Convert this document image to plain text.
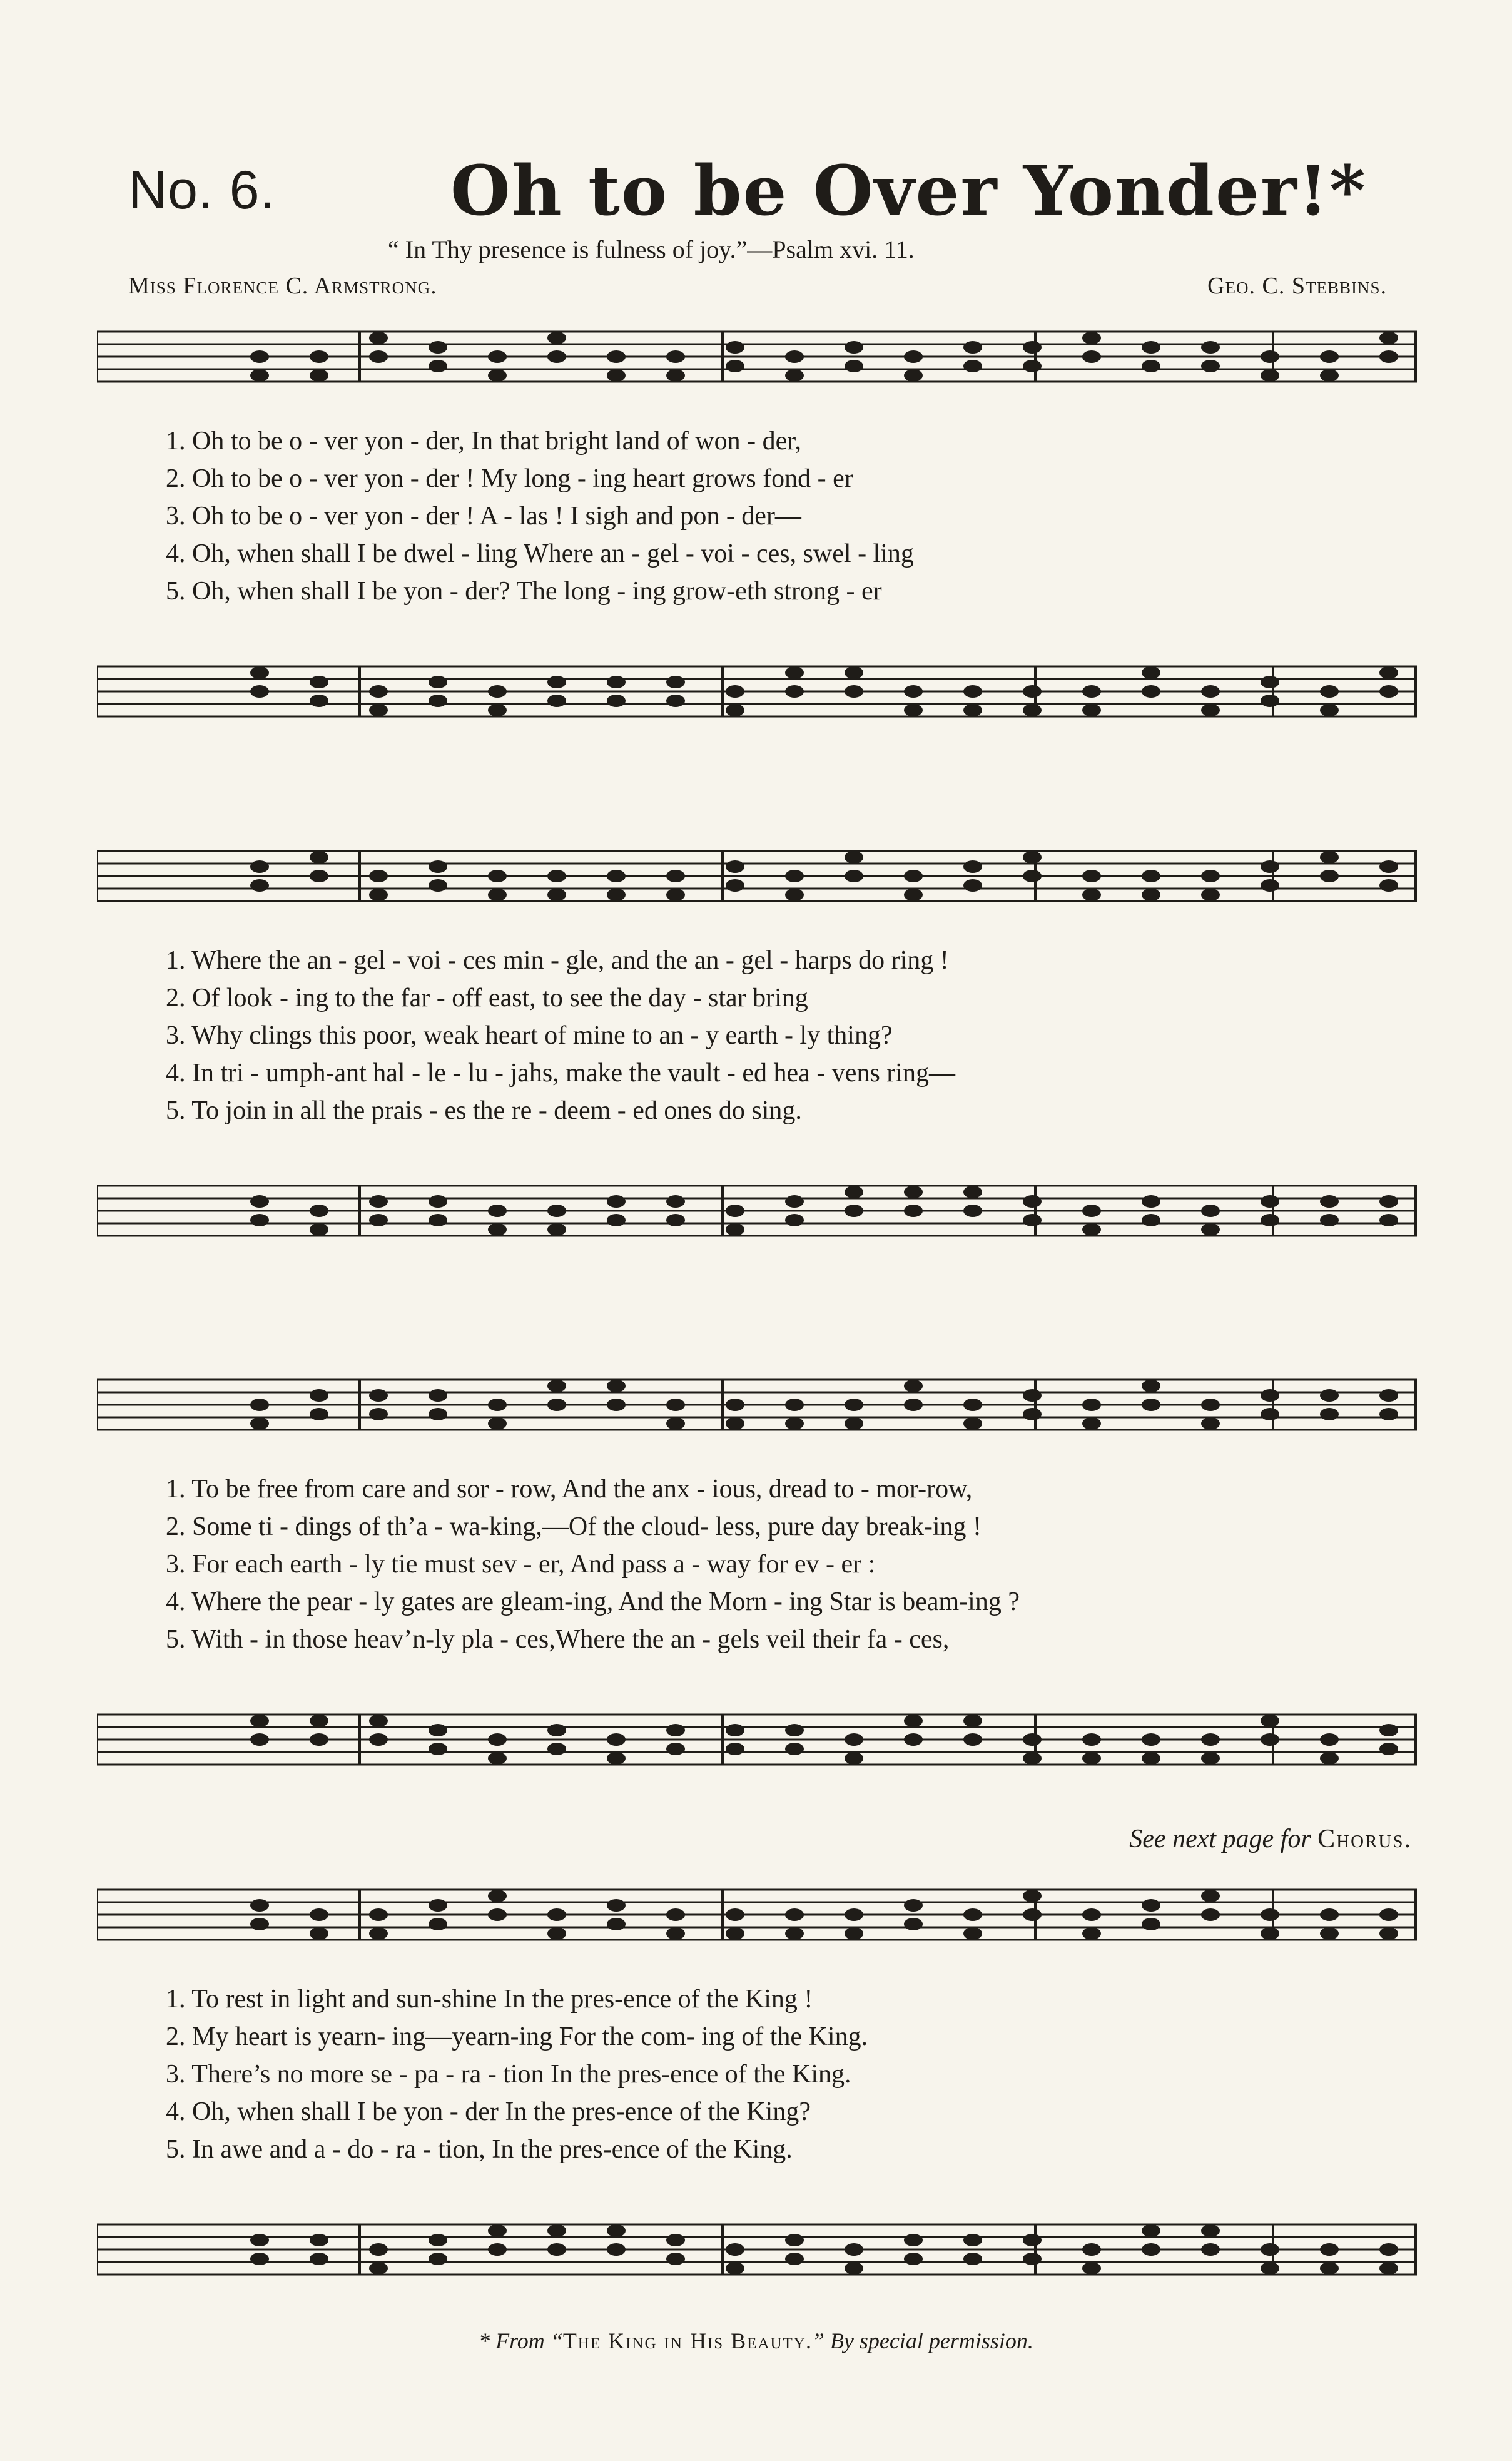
No. 6.	Oh to be Over Yonder!*
“ In Thy presence is fulness of joy.”—Psalm xvi. 11.
Miss Florence C. Armstrong.	Geo. C. Stebbins.
1. Oh to be o - ver yon - der, In that bright land of won - der,
2. Oh to be o - ver yon - der ! My long - ing heart grows fond - er
3. Oh to be o - ver yon - der ! A - las ! I sigh and pon - der—
4. Oh, when shall I be dwel - ling Where an - gel - voi - ces, swel - ling
5. Oh, when shall I be yon - der? The long - ing grow-eth strong - er
1. Where the an - gel - voi - ces min - gle, and the an - gel - harps do ring !
2. Of look - ing to the far - off east, to see the day - star bring
3. Why clings this poor, weak heart of mine to an - y earth - ly thing?
4. In tri - umph-ant hal - le - lu - jahs, make the vault - ed hea - vens ring—
5. To join in all the prais - es the re - deem - ed ones do sing.
1. To be free from care and sor - row, And the anx - ious, dread to - mor-row,
2. Some ti - dings of th’a - wa-king,—Of the cloud- less, pure day break-ing !
3. For each earth - ly tie must sev - er, And pass a - way for ev - er :
4. Where the pear - ly gates are gleam-ing, And the Morn - ing Star is beam-ing ?
5. With - in those heav’n-ly pla - ces,Where the an - gels veil their fa - ces,
See next page for Chorus.
1. To rest in light and sun-shine In the pres-ence of the King !
2. My heart is yearn- ing—yearn-ing For the com- ing of the King.
3. There’s no more se - pa - ra - tion In the pres-ence of the King.
4. Oh, when shall I be yon - der In the pres-ence of the King?
5. In awe and a - do - ra - tion, In the pres-ence of the King.
* From “The King in His Beauty.” By special permission.
